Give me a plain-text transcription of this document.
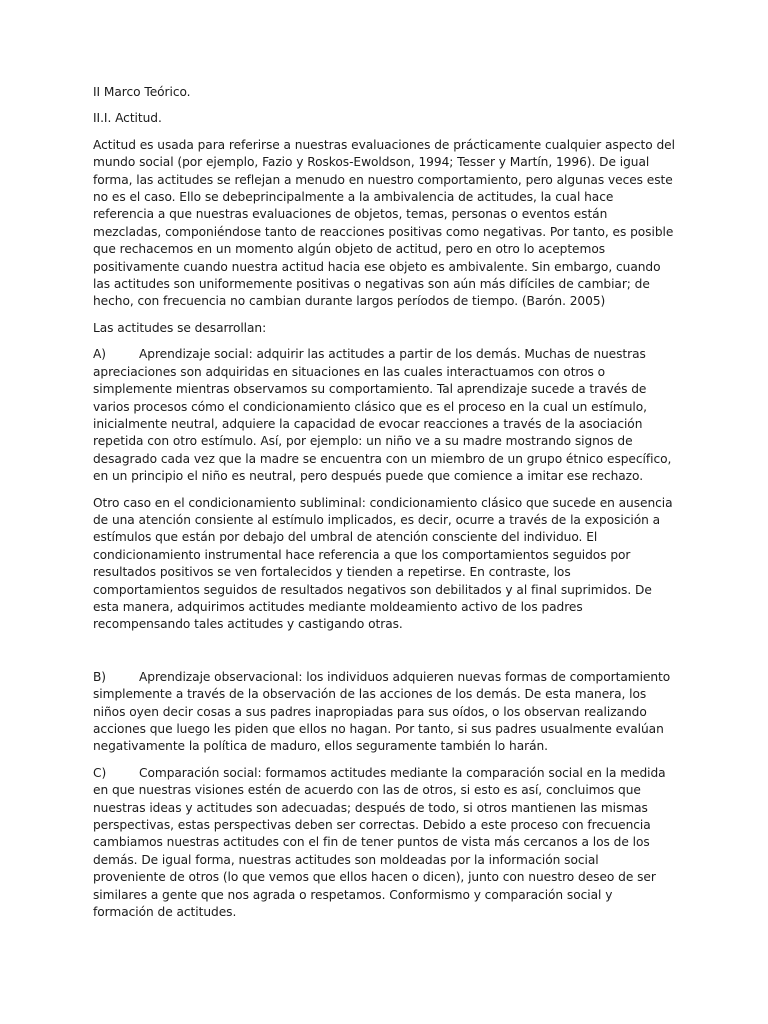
II Marco Teórico.

II.I. Actitud.

Actitud es usada para referirse a nuestras evaluaciones de prácticamente cualquier aspecto del mundo social (por ejemplo, Fazio y Roskos-Ewoldson, 1994; Tesser y Martín, 1996). De igual forma, las actitudes se reflejan a menudo en nuestro comportamiento, pero algunas veces este no es el caso. Ello se debeprincipalmente a la ambivalencia de actitudes, la cual hace referencia a que nuestras evaluaciones de objetos, temas, personas o eventos están mezcladas, componiéndose tanto de reacciones positivas como negativas. Por tanto, es posible que rechacemos en un momento algún objeto de actitud, pero en otro lo aceptemos positivamente cuando nuestra actitud hacia ese objeto es ambivalente. Sin embargo, cuando las actitudes son uniformemente positivas o negativas son aún más difíciles de cambiar; de hecho, con frecuencia no cambian durante largos períodos de tiempo. (Barón. 2005)

Las actitudes se desarrollan:

A)	Aprendizaje social: adquirir las actitudes a partir de los demás. Muchas de nuestras apreciaciones son adquiridas en situaciones en las cuales interactuamos con otros o simplemente mientras observamos su comportamiento. Tal aprendizaje sucede a través de varios procesos cómo el condicionamiento clásico que es el proceso en la cual un estímulo, inicialmente neutral, adquiere la capacidad de evocar reacciones a través de la asociación repetida con otro estímulo. Así, por ejemplo: un niño ve a su madre mostrando signos de desagrado cada vez que la madre se encuentra con un miembro de un grupo étnico específico, en un principio el niño es neutral, pero después puede que comience a imitar ese rechazo.

Otro caso en el condicionamiento subliminal: condicionamiento clásico que sucede en ausencia de una atención consiente al estímulo implicados, es decir, ocurre a través de la exposición a estímulos que están por debajo del umbral de atención consciente del individuo. El condicionamiento instrumental hace referencia a que los comportamientos seguidos por resultados positivos se ven fortalecidos y tienden a repetirse. En contraste, los comportamientos seguidos de resultados negativos son debilitados y al final suprimidos. De esta manera, adquirimos actitudes mediante moldeamiento activo de los padres recompensando tales actitudes y castigando otras.

B)	Aprendizaje observacional: los individuos adquieren nuevas formas de comportamiento simplemente a través de la observación de las acciones de los demás. De esta manera, los niños oyen decir cosas a sus padres inapropiadas para sus oídos, o los observan realizando acciones que luego les piden que ellos no hagan. Por tanto, si sus padres usualmente evalúan negativamente la política de maduro, ellos seguramente también lo harán.

C)	Comparación social: formamos actitudes mediante la comparación social en la medida en que nuestras visiones estén de acuerdo con las de otros, si esto es así, concluimos que nuestras ideas y actitudes son adecuadas; después de todo, si otros mantienen las mismas perspectivas, estas perspectivas deben ser correctas. Debido a este proceso con frecuencia cambiamos nuestras actitudes con el fin de tener puntos de vista más cercanos a los de los demás. De igual forma, nuestras actitudes son moldeadas por la información social proveniente de otros (lo que vemos que ellos hacen o dicen), junto con nuestro deseo de ser similares a gente que nos agrada o respetamos. Conformismo y comparación social y formación de actitudes.
